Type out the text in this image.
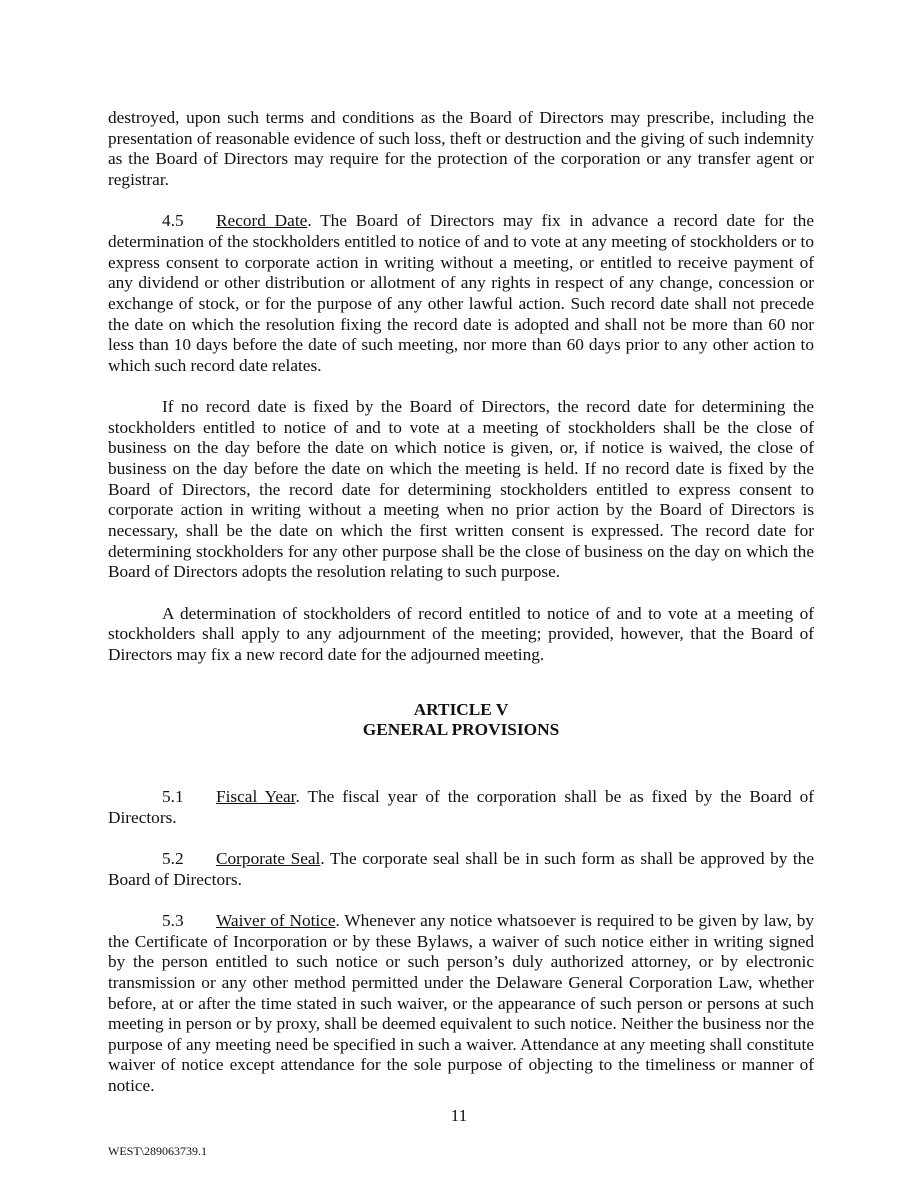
destroyed, upon such terms and conditions as the Board of Directors may prescribe, including the presentation of reasonable evidence of such loss, theft or destruction and the giving of such indemnity as the Board of Directors may require for the protection of the corporation or any transfer agent or registrar.

4.5 Record Date. The Board of Directors may fix in advance a record date for the determination of the stockholders entitled to notice of and to vote at any meeting of stockholders or to express consent to corporate action in writing without a meeting, or entitled to receive payment of any dividend or other distribution or allotment of any rights in respect of any change, concession or exchange of stock, or for the purpose of any other lawful action. Such record date shall not precede the date on which the resolution fixing the record date is adopted and shall not be more than 60 nor less than 10 days before the date of such meeting, nor more than 60 days prior to any other action to which such record date relates.

If no record date is fixed by the Board of Directors, the record date for determining the stockholders entitled to notice of and to vote at a meeting of stockholders shall be the close of business on the day before the date on which notice is given, or, if notice is waived, the close of business on the day before the date on which the meeting is held. If no record date is fixed by the Board of Directors, the record date for determining stockholders entitled to express consent to corporate action in writing without a meeting when no prior action by the Board of Directors is necessary, shall be the date on which the first written consent is expressed. The record date for determining stockholders for any other purpose shall be the close of business on the day on which the Board of Directors adopts the resolution relating to such purpose.

A determination of stockholders of record entitled to notice of and to vote at a meeting of stockholders shall apply to any adjournment of the meeting; provided, however, that the Board of Directors may fix a new record date for the adjourned meeting.

ARTICLE V
GENERAL PROVISIONS

5.1 Fiscal Year. The fiscal year of the corporation shall be as fixed by the Board of Directors.

5.2 Corporate Seal. The corporate seal shall be in such form as shall be approved by the Board of Directors.

5.3 Waiver of Notice. Whenever any notice whatsoever is required to be given by law, by the Certificate of Incorporation or by these Bylaws, a waiver of such notice either in writing signed by the person entitled to such notice or such person’s duly authorized attorney, or by electronic transmission or any other method permitted under the Delaware General Corporation Law, whether before, at or after the time stated in such waiver, or the appearance of such person or persons at such meeting in person or by proxy, shall be deemed equivalent to such notice. Neither the business nor the purpose of any meeting need be specified in such a waiver. Attendance at any meeting shall constitute waiver of notice except attendance for the sole purpose of objecting to the timeliness or manner of notice.

11
WEST\289063739.1
